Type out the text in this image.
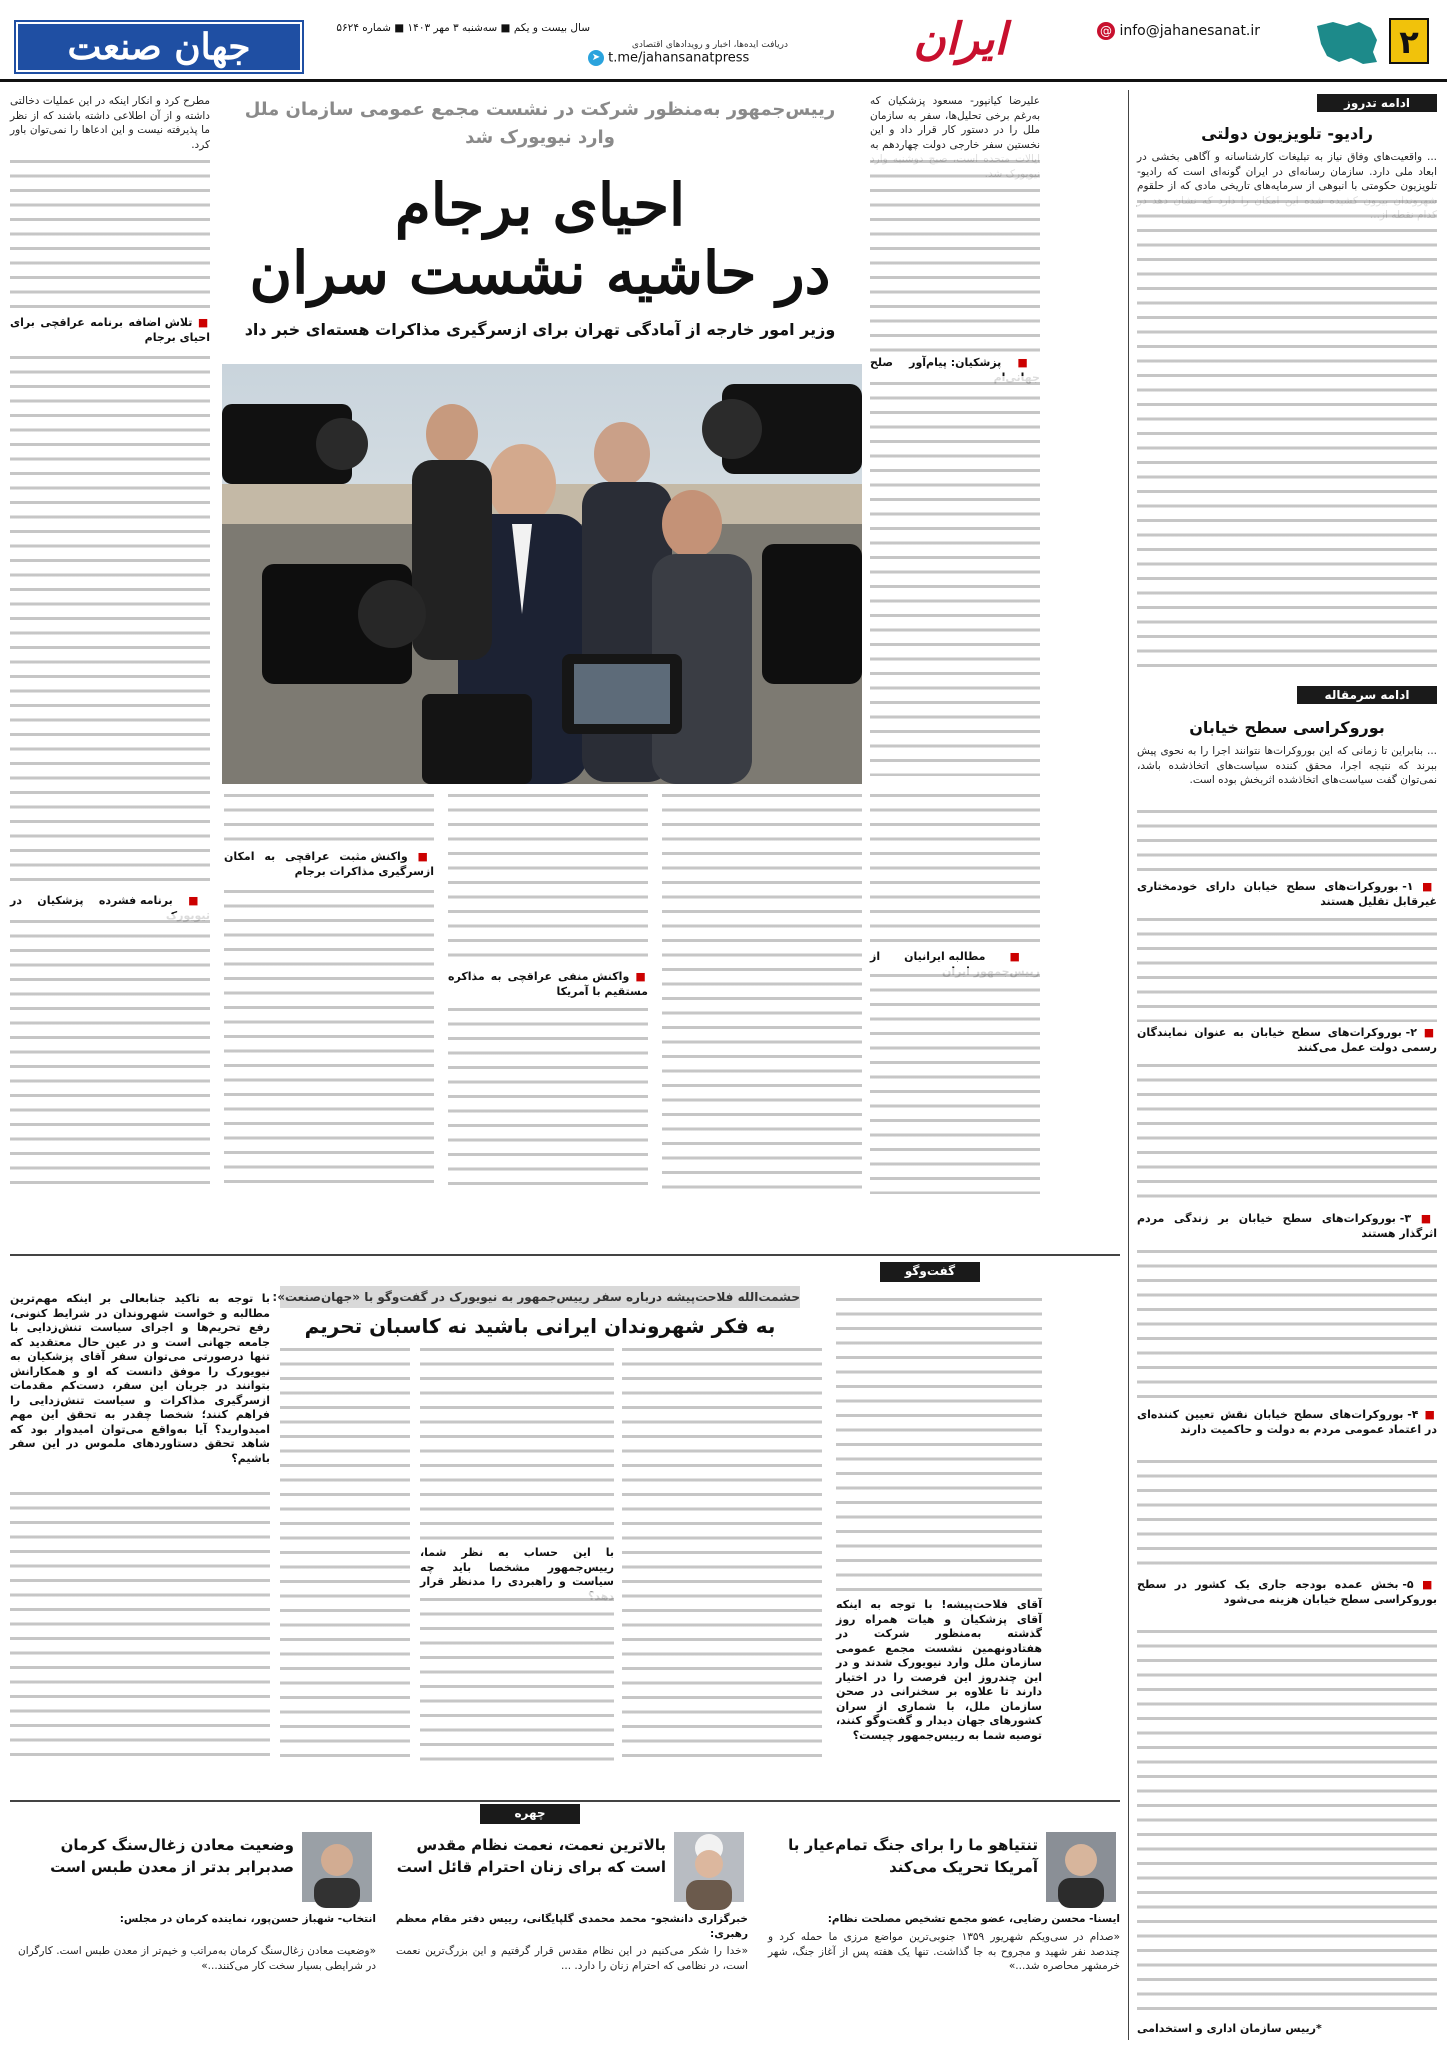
۲
@ info@jahanesanat.ir
ایران
دریافت ایده‌ها، اخبار و رویدادهای اقتصادی
➤ t.me/jahansanatpress
سال بیست و یکم ■ سه‌شنبه ۳ مهر ۱۴۰۳ ■ شماره ۵۶۲۴
جهان صنعت
ادامه تدروز
رادیو- تلویزیون دولتی
... واقعیت‌های وفاق نیاز به تبلیغات کارشناسانه و آگاهی بخشی در ابعاد ملی دارد. سازمان رسانه‌ای در ایران گونه‌ای است که رادیو- تلویزیون حکومتی با انبوهی از سرمایه‌های تاریخی مادی که از حلقوم
ادامه سرمقاله
بوروکراسی سطح خیابان
... بنابراین تا زمانی که این بوروکرات‌ها نتوانند اجرا را به نحوی پیش ببرند که نتیجه اجرا، محقق کننده سیاست‌های اتخاذشده باشد، نمی‌توان گفت سیاست‌های اتخاذشده اثربخش بوده است.
■ ۱- بوروکرات‌های سطح خیابان دارای خودمختاری غیرقابل تقلیل هستند
■ ۲- بوروکرات‌های سطح خیابان به عنوان نمایندگان رسمی دولت عمل می‌کنند
■ ۳- بوروکرات‌های سطح خیابان بر زندگی مردم اثرگذار هستند
■ ۴- بوروکرات‌های سطح خیابان نقش تعیین کننده‌ای در اعتماد عمومی مردم به دولت و حاکمیت دارند
■ ۵- بخش عمده بودجه جاری یک کشور در سطح بوروکراسی سطح خیابان هزینه می‌شود
*رییس سازمان اداری و استخدامی
رییس‌جمهور به‌منظور شرکت در نشست مجمع عمومی سازمان ملل وارد نیویورک شد
احیای برجام
در حاشیه نشست سران
وزیر امور خارجه از آمادگی تهران برای ازسرگیری مذاکرات هسته‌ای خبر داد
علیرضا کیانپور- مسعود پزشکیان که به‌رغم برخی تحلیل‌ها، سفر به سازمان ملل را در دستور کار قرار داد و این نخستین سفر خارجی دولت چهاردهم به
■ پزشکیان: پیام‌آور صلح
مطرح کرد و انکار اینکه در این عملیات دخالتی داشته و از آن اطلاعی داشته باشند که از نظر ما پذیرفته نیست و این ادعاها را نمی‌توان باور کرد.
■ تلاش اضافه برنامه عراقچی برای احیای برجام
■ برنامه فشرده پزشکیان در
■ مطالبه ایرانیان از
■ واکنش منفی عراقچی به مذاکره مستقیم با آمریکا
■ واکنش مثبت عراقچی به امکان ازسرگیری مذاکرات برجام
گفت‌وگو
حشمت‌الله فلاحت‌پیشه درباره سفر رییس‌جمهور به نیویورک در گفت‌وگو با «جهان‌صنعت»:
به فکر شهروندان ایرانی باشید نه کاسبان تحریم
آقای فلاحت‌پیشه! با توجه به اینکه آقای پزشکیان و هیات همراه روز گذشته به‌منظور شرکت در هفتادونهمین نشست مجمع عمومی سازمان ملل وارد نیویورک شدند و در این چندروز این فرصت را در اختیار دارند تا علاوه بر سخنرانی در صحن سازمان ملل، با شماری از سران کشورهای جهان دیدار و گفت‌وگو کنند، توصیه شما به رییس‌جمهور چیست؟
با این حساب به نظر شما، رییس‌جمهور مشخصا باید چه سیاست و راهبردی را مدنظر قرار
با توجه به تاکید جنابعالی بر اینکه مهم‌ترین مطالبه و خواست شهروندان در شرایط کنونی، رفع تحریم‌ها و اجرای سیاست تنش‌زدایی با جامعه جهانی است و در عین حال معتقدید که تنها درصورتی می‌توان سفر آقای پزشکیان به نیویورک را موفق دانست که او و همکارانش بتوانند در جریان این سفر، دست‌کم مقدمات ازسرگیری مذاکرات و سیاست تنش‌زدایی را فراهم کنند؛ شخصا چقدر به تحقق این مهم امیدوارید؟ آیا به‌واقع می‌توان امیدوار بود که شاهد تحقق دستاوردهای ملموس در این سفر باشیم؟
چهره
تنتیاهو ما را برای جنگ تمام‌عیار با آمریکا تحریک می‌کند
ایسنا- محسن رضایی، عضو مجمع تشخیص مصلحت نظام:
«صدام در سی‌ویکم شهریور ۱۳۵۹ جنوبی‌ترین مواضع مرزی ما حمله کرد و چندصد نفر شهید و مجروح به جا گذاشت. تنها یک هفته پس از آغاز جنگ، شهر خرمشهر محاصره شد...»
بالاترین نعمت، نعمت نظام مقدس است که برای زنان احترام قائل است
خبرگزاری دانشجو- محمد محمدی گلپایگانی، رییس دفتر مقام معظم رهبری:
«خدا را شکر می‌کنیم در این نظام مقدس قرار گرفتیم و این بزرگ‌ترین نعمت است، در نظامی که احترام زنان را دارد. ...
وضعیت معادن زغال‌سنگ کرمان صدبرابر بدتر از معدن طبس است
انتخاب- شهباز حسن‌پور، نماینده کرمان در مجلس:
«وضعیت معادن زغال‌سنگ کرمان به‌مراتب و خیم‌تر از معدن طبس است. کارگران در شرایطی بسیار سخت کار می‌کنند...»
